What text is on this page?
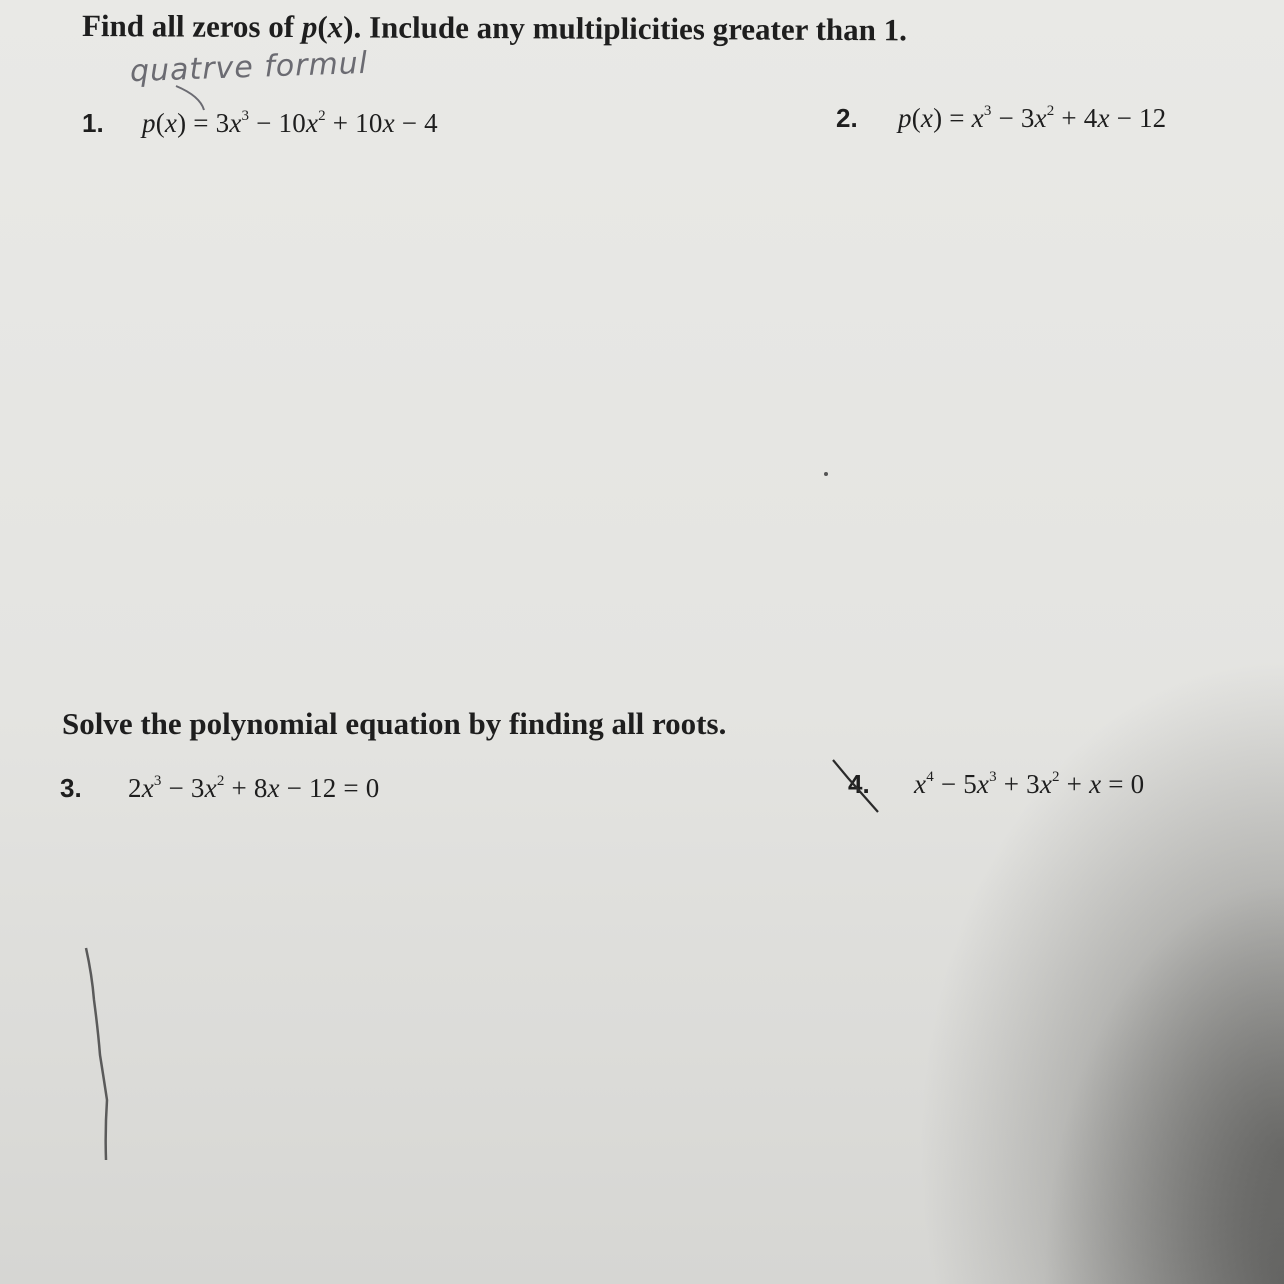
Find all zeros of p(x). Include any multiplicities greater than 1.
quatrve formul
1.	$p(x) = 3x^3 - 10x^2 + 10x - 4$	2.	$p(x) = x^3 - 3x^2 + 4x - 12$
Solve the polynomial equation by finding all roots.
3.	$2x^3 - 3x^2 + 8x - 12 = 0$	4.	$x^4 - 5x^3 + 3x^2 + x = 0$
